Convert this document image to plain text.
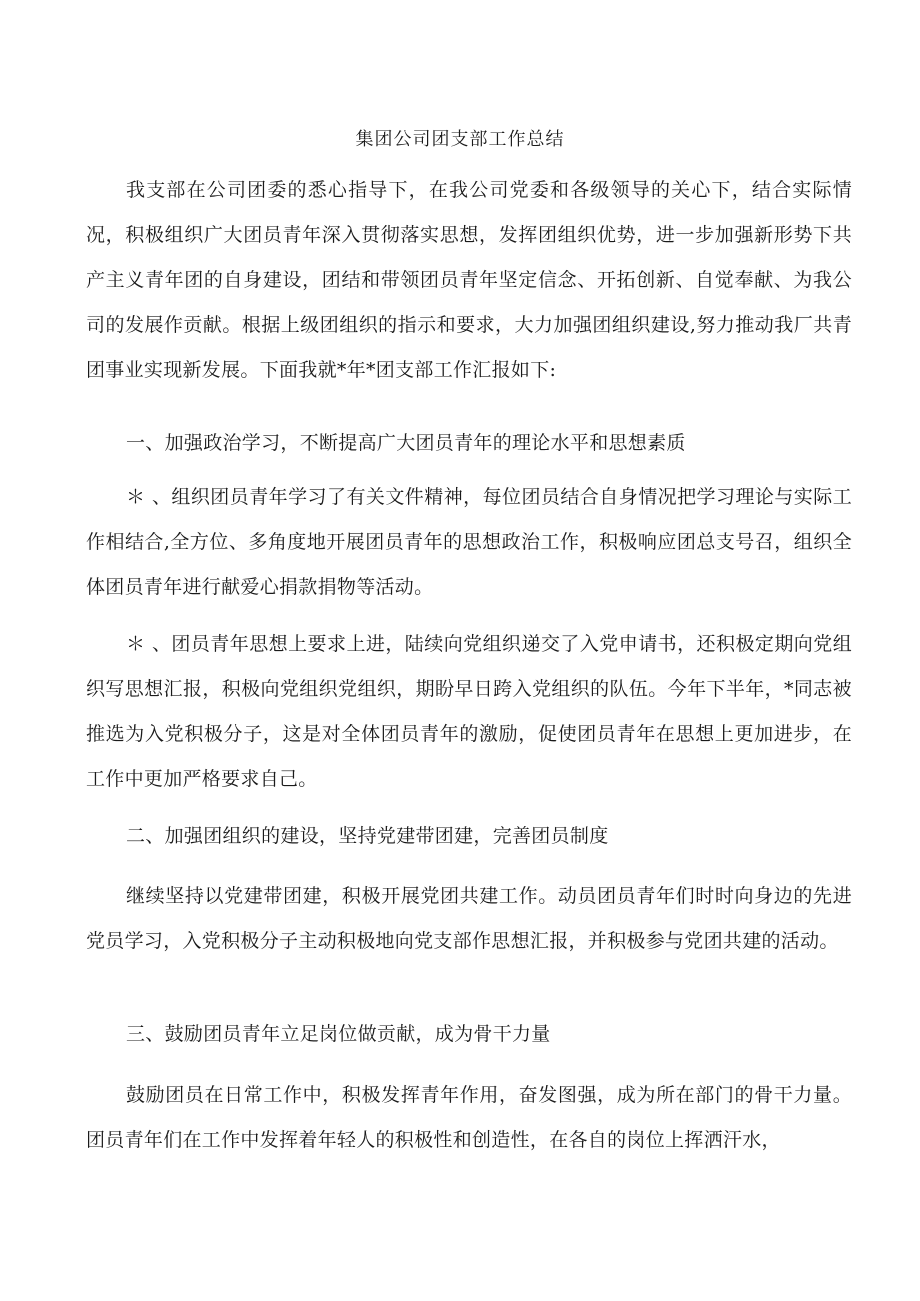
集团公司团支部工作总结

我支部在公司团委的悉心指导下，在我公司党委和各级领导的关心下，结合实际情况，积极组织广大团员青年深入贯彻落实思想，发挥团组织优势，进一步加强新形势下共产主义青年团的自身建设，团结和带领团员青年坚定信念、开拓创新、自觉奉献、为我公司的发展作贡献。根据上级团组织的指示和要求，大力加强团组织建设,努力推动我厂共青团事业实现新发展。下面我就*年*团支部工作汇报如下:

一、加强政治学习，不断提高广大团员青年的理论水平和思想素质

＊ 、组织团员青年学习了有关文件精神，每位团员结合自身情况把学习理论与实际工作相结合,全方位、多角度地开展团员青年的思想政治工作，积极响应团总支号召，组织全体团员青年进行献爱心捐款捐物等活动。

＊ 、团员青年思想上要求上进，陆续向党组织递交了入党申请书，还积极定期向党组织写思想汇报，积极向党组织党组织，期盼早日跨入党组织的队伍。今年下半年，*同志被推选为入党积极分子，这是对全体团员青年的激励，促使团员青年在思想上更加进步，在工作中更加严格要求自己。

二、加强团组织的建设，坚持党建带团建，完善团员制度

继续坚持以党建带团建，积极开展党团共建工作。动员团员青年们时时向身边的先进党员学习，入党积极分子主动积极地向党支部作思想汇报，并积极参与党团共建的活动。

三、鼓励团员青年立足岗位做贡献，成为骨干力量

鼓励团员在日常工作中，积极发挥青年作用，奋发图强，成为所在部门的骨干力量。团员青年们在工作中发挥着年轻人的积极性和创造性，在各自的岗位上挥洒汗水，
